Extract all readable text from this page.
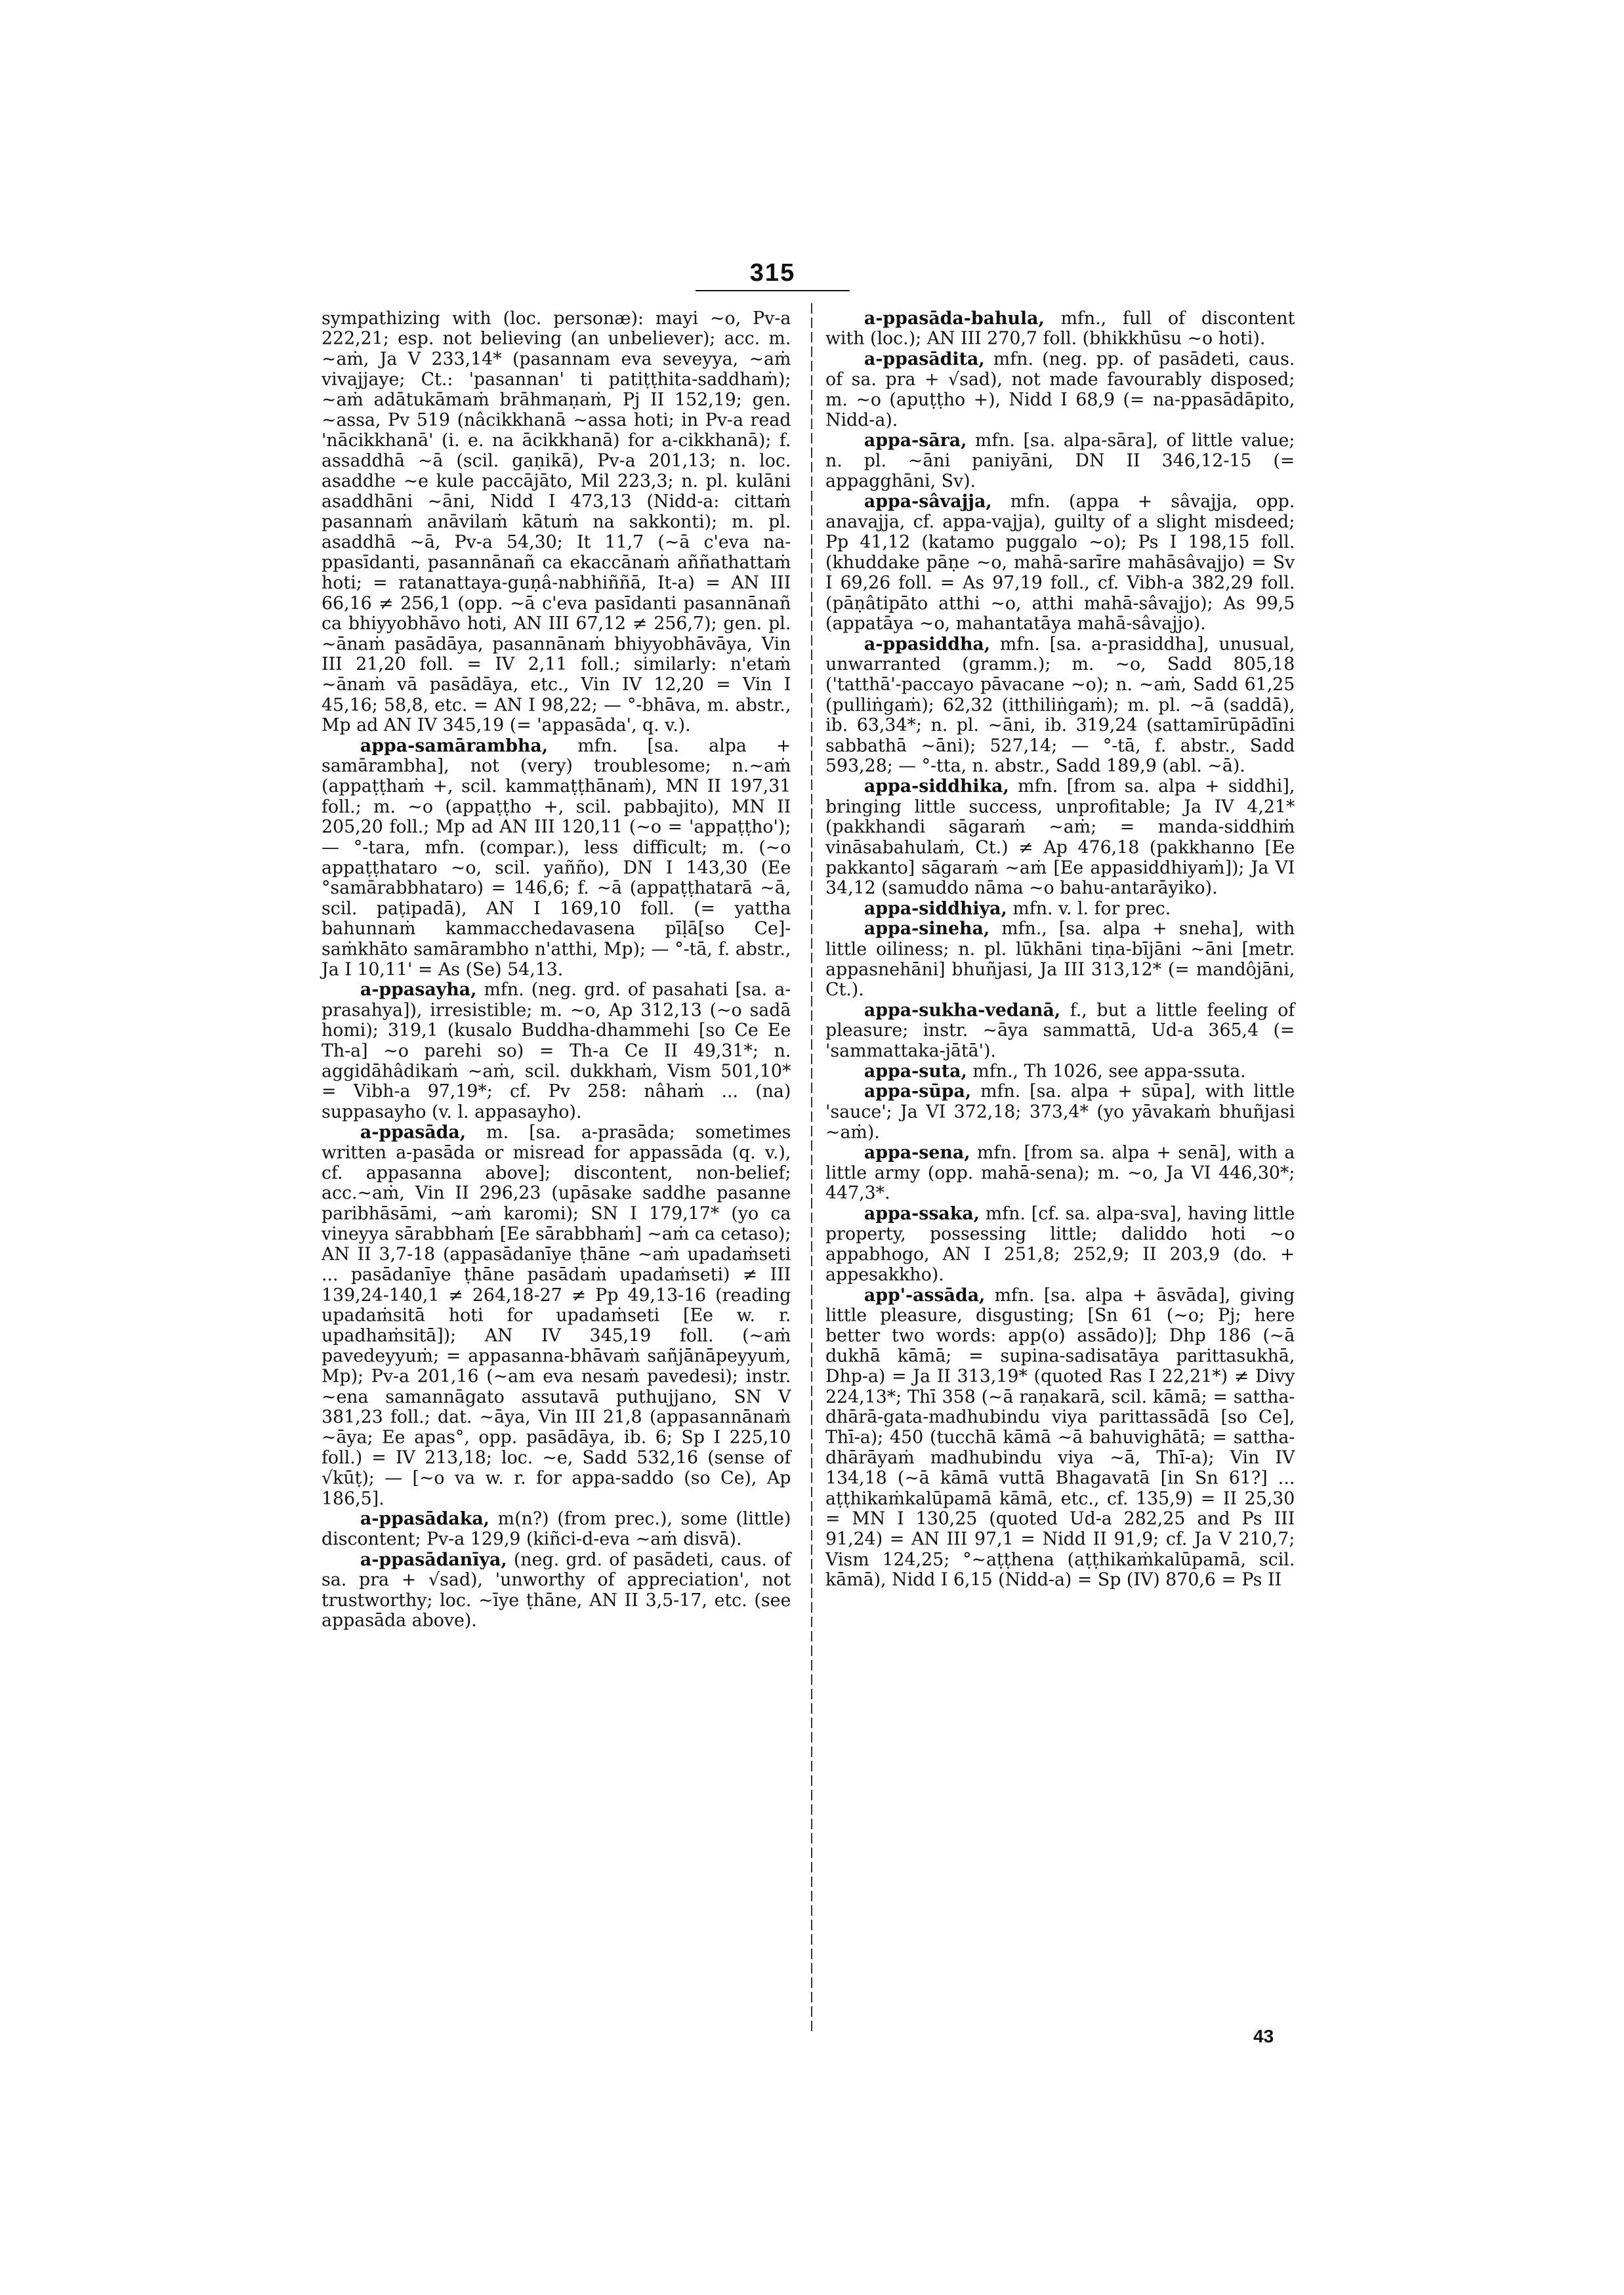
315

sympathizing with (loc. personæ): mayi ~o, Pv-a 222,21; esp. not believing (an unbeliever); acc. m. ~aṁ, Ja V 233,14* (pasannam eva seveyya, ~aṁ vivajjaye; Ct.: 'pasannan' ti patiṭṭhita-saddhaṁ); ~aṁ adātukāmaṁ brāhmaṇaṁ, Pj II 152,19; gen. ~assa, Pv 519 (nâcikkhanā ~assa hoti; in Pv-a read 'nācikkhanā' (i. e. na ācikkhanā) for a-cikkhanā); f. assaddhā ~ā (scil. gaṇikā), Pv-a 201,13; n. loc. asaddhe ~e kule paccājāto, Mil 223,3; n. pl. kulāni asaddhāni ~āni, Nidd I 473,13 (Nidd-a: cittaṁ pasannaṁ anāvilaṁ kātuṁ na sakkonti); m. pl. asaddhā ~ā, Pv-a 54,30; It 11,7 (~ā c'eva na-ppasīdanti, pasannānañ ca ekaccānaṁ aññathattaṁ hoti; = ratanattaya-guṇâ-nabhiññā, It-a) = AN III 66,16 ≠ 256,1 (opp. ~ā c'eva pasīdanti pasannānañ ca bhiyyobhāvo hoti, AN III 67,12 ≠ 256,7); gen. pl. ~ānaṁ pasādāya, pasannānaṁ bhiyyobhāvāya, Vin III 21,20 foll. = IV 2,11 foll.; similarly: n'etaṁ ~ānaṁ vā pasādāya, etc., Vin IV 12,20 = Vin I 45,16; 58,8, etc. = AN I 98,22; — °-bhāva, m. abstr., Mp ad AN IV 345,19 (= 'appasāda', q. v.).

appa-samārambha, mfn. [sa. alpa + samārambha], not (very) troublesome; n.~aṁ (appaṭṭhaṁ +, scil. kammaṭṭhānaṁ), MN II 197,31 foll.; m. ~o (appaṭṭho +, scil. pabbajito), MN II 205,20 foll.; Mp ad AN III 120,11 (~o = 'appaṭṭho'); — °-tara, mfn. (compar.), less difficult; m. (~o appaṭṭhataro ~o, scil. yañño), DN I 143,30 (Ee °samārabbhataro) = 146,6; f. ~ā (appaṭṭhatarā ~ā, scil. paṭipadā), AN I 169,10 foll. (= yattha bahunnaṁ kammacchedavasena pīḷā[so Ce]-saṁkhāto samārambho n'atthi, Mp); — °-tā, f. abstr., Ja I 10,11' = As (Se) 54,13.

a-ppasayha, mfn. (neg. grd. of pasahati [sa. a-prasahya]), irresistible; m. ~o, Ap 312,13 (~o sadā homi); 319,1 (kusalo Buddha-dhammehi [so Ce Ee Th-a] ~o parehi so) = Th-a Ce II 49,31*; n. aggidāhâdikaṁ ~aṁ, scil. dukkhaṁ, Vism 501,10* = Vibh-a 97,19*; cf. Pv 258: nâhaṁ ... (na) suppasayho (v. l. appasayho).

a-ppasāda, m. [sa. a-prasāda; sometimes written a-pasāda or misread for appassāda (q. v.), cf. appasanna above]; discontent, non-belief; acc.~aṁ, Vin II 296,23 (upāsake saddhe pasanne paribhāsāmi, ~aṁ karomi); SN I 179,17* (yo ca vineyya sārabbhaṁ [Ee sārabbhaṁ] ~aṁ ca cetaso); AN II 3,7-18 (appasādanīye ṭhāne ~aṁ upadaṁseti ... pasādanīye ṭhāne pasādaṁ upadaṁseti) ≠ III 139,24-140,1 ≠ 264,18-27 ≠ Pp 49,13-16 (reading upadaṁsitā hoti for upadaṁseti [Ee w. r. upadhaṁsitā]); AN IV 345,19 foll. (~aṁ pavedeyyuṁ; = appasanna-bhāvaṁ sañjānāpeyyuṁ, Mp); Pv-a 201,16 (~am eva nesaṁ pavedesi); instr. ~ena samannāgato assutavā puthujjano, SN V 381,23 foll.; dat. ~āya, Vin III 21,8 (appasannānaṁ ~āya; Ee apas°, opp. pasādāya, ib. 6; Sp I 225,10 foll.) = IV 213,18; loc. ~e, Sadd 532,16 (sense of √kūṭ); — [~o va w. r. for appa-saddo (so Ce), Ap 186,5].

a-ppasādaka, m(n?) (from prec.), some (little) discontent; Pv-a 129,9 (kiñci-d-eva ~aṁ disvā).

a-ppasādanīya, (neg. grd. of pasādeti, caus. of sa. pra + √sad), 'unworthy of appreciation', not trustworthy; loc. ~īye ṭhāne, AN II 3,5-17, etc. (see appasāda above).

a-ppasāda-bahula, mfn., full of discontent with (loc.); AN III 270,7 foll. (bhikkhūsu ~o hoti).

a-ppasādita, mfn. (neg. pp. of pasādeti, caus. of sa. pra + √sad), not made favourably disposed; m. ~o (apuṭṭho +), Nidd I 68,9 (= na-ppasādāpito, Nidd-a).

appa-sāra, mfn. [sa. alpa-sāra], of little value; n. pl. ~āni paniyāni, DN II 346,12-15 (= appagghāni, Sv).

appa-sâvajja, mfn. (appa + sâvajja, opp. anavajja, cf. appa-vajja), guilty of a slight misdeed; Pp 41,12 (katamo puggalo ~o); Ps I 198,15 foll. (khuddake pāṇe ~o, mahā-sarīre mahāsâvajjo) = Sv I 69,26 foll. = As 97,19 foll., cf. Vibh-a 382,29 foll. (pāṇâtipāto atthi ~o, atthi mahā-sâvajjo); As 99,5 (appatāya ~o, mahantatāya mahā-sâvajjo).

a-ppasiddha, mfn. [sa. a-prasiddha], unusual, unwarranted (gramm.); m. ~o, Sadd 805,18 ('tatthā'-paccayo pāvacane ~o); n. ~aṁ, Sadd 61,25 (pulliṅgaṁ); 62,32 (itthiliṅgaṁ); m. pl. ~ā (saddā), ib. 63,34*; n. pl. ~āni, ib. 319,24 (sattamīrūpādīni sabbathā ~āni); 527,14; — °-tā, f. abstr., Sadd 593,28; — °-tta, n. abstr., Sadd 189,9 (abl. ~ā).

appa-siddhika, mfn. [from sa. alpa + siddhi], bringing little success, unprofitable; Ja IV 4,21* (pakkhandi sāgaraṁ ~aṁ; = manda-siddhiṁ vināsabahulaṁ, Ct.) ≠ Ap 476,18 (pakkhanno [Ee pakkanto] sāgaraṁ ~aṁ [Ee appasiddhiyaṁ]); Ja VI 34,12 (samuddo nāma ~o bahu-antarāyiko).

appa-siddhiya, mfn. v. l. for prec.

appa-sineha, mfn., [sa. alpa + sneha], with little oiliness; n. pl. lūkhāni tiṇa-bījāni ~āni [metr. appasnehāni] bhuñjasi, Ja III 313,12* (= mandôjāni, Ct.).

appa-sukha-vedanā, f., but a little feeling of pleasure; instr. ~āya sammattā, Ud-a 365,4 (= 'sammattaka-jātā').

appa-suta, mfn., Th 1026, see appa-ssuta.

appa-sūpa, mfn. [sa. alpa + sūpa], with little 'sauce'; Ja VI 372,18; 373,4* (yo yāvakaṁ bhuñjasi ~aṁ).

appa-sena, mfn. [from sa. alpa + senā], with a little army (opp. mahā-sena); m. ~o, Ja VI 446,30*; 447,3*.

appa-ssaka, mfn. [cf. sa. alpa-sva], having little property, possessing little; daliddo hoti ~o appabhogo, AN I 251,8; 252,9; II 203,9 (do. + appesakkho).

app'-assāda, mfn. [sa. alpa + āsvāda], giving little pleasure, disgusting; [Sn 61 (~o; Pj; here better two words: app(o) assādo)]; Dhp 186 (~ā dukhā kāmā; = supina-sadisatāya parittasukhā, Dhp-a) = Ja II 313,19* (quoted Ras I 22,21*) ≠ Divy 224,13*; Thī 358 (~ā raṇakarā, scil. kāmā; = sattha-dhārā-gata-madhubindu viya parittassādā [so Ce], Thī-a); 450 (tucchā kāmā ~ā bahuvighātā; = sattha-dhārāyaṁ madhubindu viya ~ā, Thī-a); Vin IV 134,18 (~ā kāmā vuttā Bhagavatā [in Sn 61?] ... aṭṭhikaṁkalūpamā kāmā, etc., cf. 135,9) = II 25,30 = MN I 130,25 (quoted Ud-a 282,25 and Ps III 91,24) = AN III 97,1 = Nidd II 91,9; cf. Ja V 210,7; Vism 124,25; °~aṭṭhena (aṭṭhikaṁkalūpamā, scil. kāmā), Nidd I 6,15 (Nidd-a) = Sp (IV) 870,6 = Ps II

43
